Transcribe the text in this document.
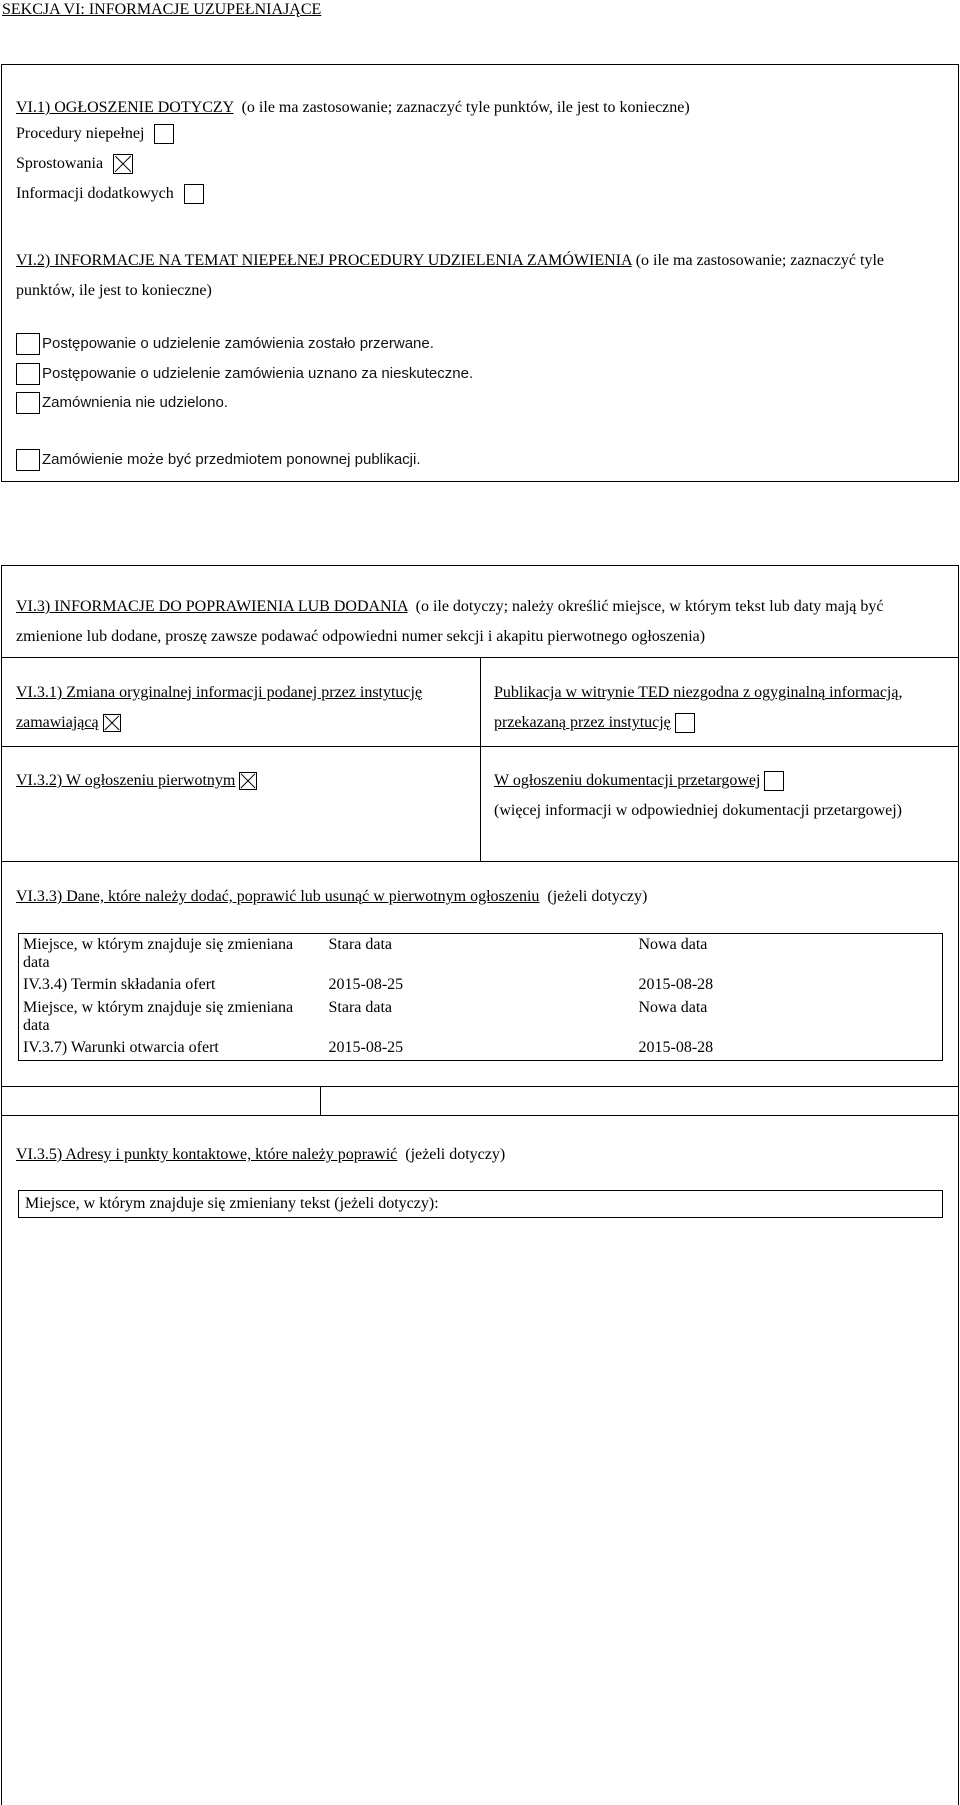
SEKCJA VI: INFORMACJE UZUPEŁNIAJĄCE
VI.1) OGŁOSZENIE DOTYCZY (o ile ma zastosowanie; zaznaczyć tyle punktów, ile jest to konieczne)
Procedury niepełnej
Sprostowania
Informacji dodatkowych
VI.2) INFORMACJE NA TEMAT NIEPEŁNEJ PROCEDURY UDZIELENIA ZAMÓWIENIA (o ile ma zastosowanie; zaznaczyć tyle punktów, ile jest to konieczne)
Postępowanie o udzielenie zamówienia zostało przerwane.
Postępowanie o udzielenie zamówienia uznano za nieskuteczne.
Zamównienia nie udzielono.
Zamówienie może być przedmiotem ponownej publikacji.
VI.3) INFORMACJE DO POPRAWIENIA LUB DODANIA (o ile dotyczy; należy określić miejsce, w którym tekst lub daty mają być zmienione lub dodane, proszę zawsze podawać odpowiedni numer sekcji i akapitu pierwotnego ogłoszenia)
VI.3.1) Zmiana oryginalnej informacji podanej przez instytucję zamawiającą
Publikacja w witrynie TED niezgodna z ogyginalną informacją, przekazaną przez instytucję
VI.3.2) W ogłoszeniu pierwotnym	W ogłoszeniu dokumentacji przetargowej
(więcej informacji w odpowiedniej dokumentacji przetargowej)
VI.3.3) Dane, które należy dodać, poprawić lub usunąć w pierwotnym ogłoszeniu (jeżeli dotyczy)
Miejsce, w którym znajduje się zmieniana data	Stara data	Nowa data
IV.3.4) Termin składania ofert	2015-08-25	2015-08-28
Miejsce, w którym znajduje się zmieniana data	Stara data	Nowa data
IV.3.7) Warunki otwarcia ofert	2015-08-25	2015-08-28
VI.3.5) Adresy i punkty kontaktowe, które należy poprawić (jeżeli dotyczy)
Miejsce, w którym znajduje się zmieniany tekst (jeżeli dotyczy):
